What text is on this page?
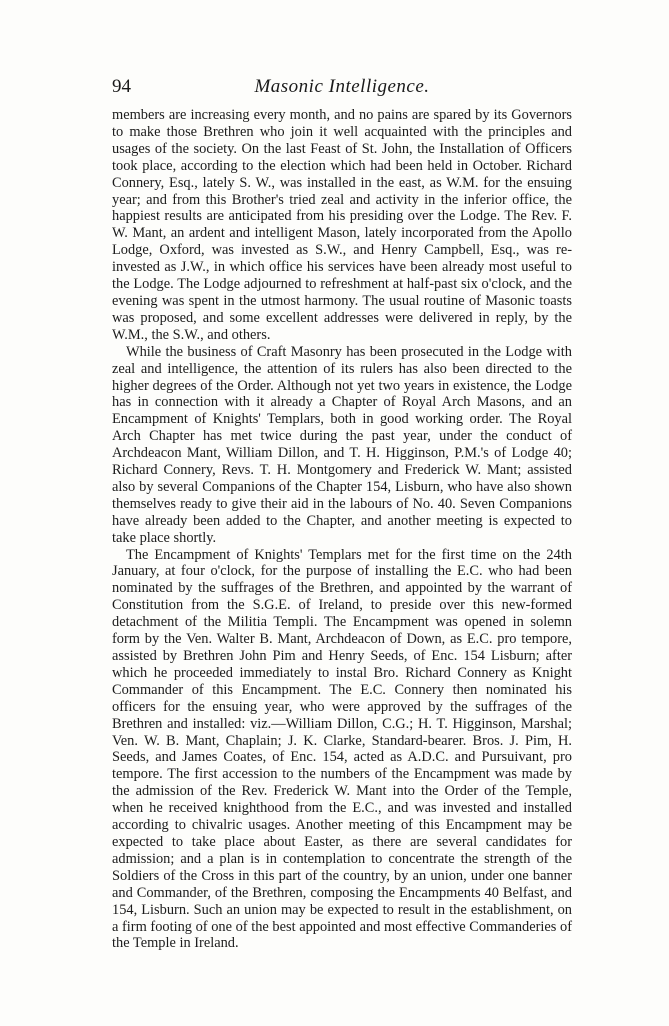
94	Masonic Intelligence.

members are increasing every month, and no pains are spared by its Governors to make those Brethren who join it well acquainted with the principles and usages of the society. On the last Feast of St. John, the Installation of Officers took place, according to the election which had been held in October. Richard Connery, Esq., lately S. W., was installed in the east, as W.M. for the ensuing year; and from this Brother's tried zeal and activity in the inferior office, the happiest results are anticipated from his presiding over the Lodge. The Rev. F. W. Mant, an ardent and intelligent Mason, lately incorporated from the Apollo Lodge, Oxford, was invested as S.W., and Henry Campbell, Esq., was re-invested as J.W., in which office his services have been already most useful to the Lodge. The Lodge adjourned to refreshment at half-past six o'clock, and the evening was spent in the utmost harmony. The usual routine of Masonic toasts was proposed, and some excellent addresses were delivered in reply, by the W.M., the S.W., and others.

While the business of Craft Masonry has been prosecuted in the Lodge with zeal and intelligence, the attention of its rulers has also been directed to the higher degrees of the Order. Although not yet two years in existence, the Lodge has in connection with it already a Chapter of Royal Arch Masons, and an Encampment of Knights' Templars, both in good working order. The Royal Arch Chapter has met twice during the past year, under the conduct of Archdeacon Mant, William Dillon, and T. H. Higginson, P.M.'s of Lodge 40; Richard Connery, Revs. T. H. Montgomery and Frederick W. Mant; assisted also by several Companions of the Chapter 154, Lisburn, who have also shown themselves ready to give their aid in the labours of No. 40. Seven Companions have already been added to the Chapter, and another meeting is expected to take place shortly.

The Encampment of Knights' Templars met for the first time on the 24th January, at four o'clock, for the purpose of installing the E.C. who had been nominated by the suffrages of the Brethren, and appointed by the warrant of Constitution from the S.G.E. of Ireland, to preside over this new-formed detachment of the Militia Templi. The Encampment was opened in solemn form by the Ven. Walter B. Mant, Archdeacon of Down, as E.C. pro tempore, assisted by Brethren John Pim and Henry Seeds, of Enc. 154 Lisburn; after which he proceeded immediately to instal Bro. Richard Connery as Knight Commander of this Encampment. The E.C. Connery then nominated his officers for the ensuing year, who were approved by the suffrages of the Brethren and installed: viz.—William Dillon, C.G.; H. T. Higginson, Marshal; Ven. W. B. Mant, Chaplain; J. K. Clarke, Standard-bearer. Bros. J. Pim, H. Seeds, and James Coates, of Enc. 154, acted as A.D.C. and Pursuivant, pro tempore. The first accession to the numbers of the Encampment was made by the admission of the Rev. Frederick W. Mant into the Order of the Temple, when he received knighthood from the E.C., and was invested and installed according to chivalric usages. Another meeting of this Encampment may be expected to take place about Easter, as there are several candidates for admission; and a plan is in contemplation to concentrate the strength of the Soldiers of the Cross in this part of the country, by an union, under one banner and Commander, of the Brethren, composing the Encampments 40 Belfast, and 154, Lisburn. Such an union may be expected to result in the establishment, on a firm footing of one of the best appointed and most effective Commanderies of the Temple in Ireland.
